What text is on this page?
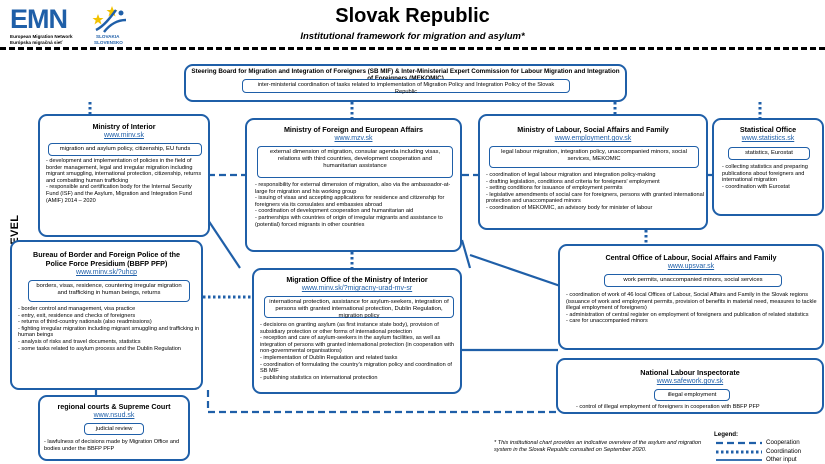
EMN
European Migration Network
Európska migračná sieť
SLOVAKIA
SLOVENSKO
Slovak Republic
Institutional framework for migration and asylum*
Steering Board for Migration and Integration of Foreigners (SB MIF) & Inter-Ministerial Expert Commission for Labour Migration and Integration
inter-ministerial coordination of tasks related to implementation of Migration Policy and Integration Policy of the Slovak Republic
Ministry of Interior
www.minv.sk
migration and asylum policy, citizenship, EU funds
- development and implementation of policies in the field of border management, legal and irregular migration including migrant smuggling, international protection, citizenship, returns and combatting human trafficking
- responsible and certification body for the Internal Security Fund (ISF) and the Asylum, Migration and Integration Fund (AMIF) 2014 – 2020
Ministry of Foreign and European Affairs
www.mzv.sk
external dimension of migration, consular agenda including visas, relations with third countries, development cooperation and humanitarian assistance
- responsibility for external dimension of migration, also via the ambassador-at-large for migration and his working group
- issuing of visas and accepting applications for residence and citizenship for foreigners via its consulates and embassies abroad
- coordination of development cooperation and humanitarian aid
- partnerships with countries of origin of irregular migrants and assistance to (potential) forced migrants in other countries
Ministry of Labour, Social Affairs and Family
www.employment.gov.sk
legal labour migration, integration policy, unaccompanied minors, social services, MEKOMIC
- coordination of legal labour migration and integration policy-making
- drafting legislation, conditions and criteria for foreigners' employment
- setting conditions for issuance of employment permits
- legislative amendments of social care for foreigners, persons with granted international protection and unaccompanied minors
- coordination of MEKOMIC, an advisory body for minister of labour
Statistical Office
www.statistics.sk
statistics, Eurostat
- collecting statistics and preparing publications about foreigners and international migration
- coordination with Eurostat
Bureau of Border and Foreign Police of the Police Force Presidium (BBFP PFP)
www.minv.sk/?uhcp
borders, visas, residence, countering irregular migration and trafficking in human beings, returns
- border control and management, visa practice
- entry, exit, residence and checks of foreigners
- returns of third-country nationals (also readmissions)
- fighting irregular migration including migrant smuggling and trafficking in human beings
- analysis of risks and travel documents, statistics
- some tasks related to asylum process and the Dublin Regulation
Migration Office of the Ministry of Interior
www.minv.sk/?migracny-urad-mv-sr
international protection, assistance for asylum-seekers, integration of persons with granted international protection, Dublin Regulation, migration policy
- decisions on granting asylum (as first instance state body), provision of subsidiary protection or other forms of international protection
- reception and care of asylum-seekers in the asylum facilities, as well as integration of persons with granted international protection (in cooperation with non-governmental organisations)
- implementation of Dublin Regulation and related tasks
- coordination of formulating the country's migration policy and coordination of SB MIF
- publishing statistics on international protection
Central Office of Labour, Social Affairs and Family
www.upsvar.sk
work permits, unaccompanied minors, social services
- coordination of work of 46 local Offices of Labour, Social Affairs and Family in the Slovak regions (issuance of work and employment permits, provision of benefits in material need, measures to tackle illegal employment of foreigners)
- administration of central register on employment of foreigners and publication of related statistics
- care for unaccompanied minors
National Labour Inspectorate
www.safework.gov.sk
illegal employment
- control of illegal employment of foreigners in cooperation with BBFP PFP
regional courts & Supreme Court
www.nsud.sk
judicial review
- lawfulness of decisions made by Migration Office and bodies under the BBFP PFP
* This institutional chart provides an indicative overview of the asylum and migration system in the Slovak Republic consulted on September 2020.
Legend:
Cooperation
Coordination
Other input
